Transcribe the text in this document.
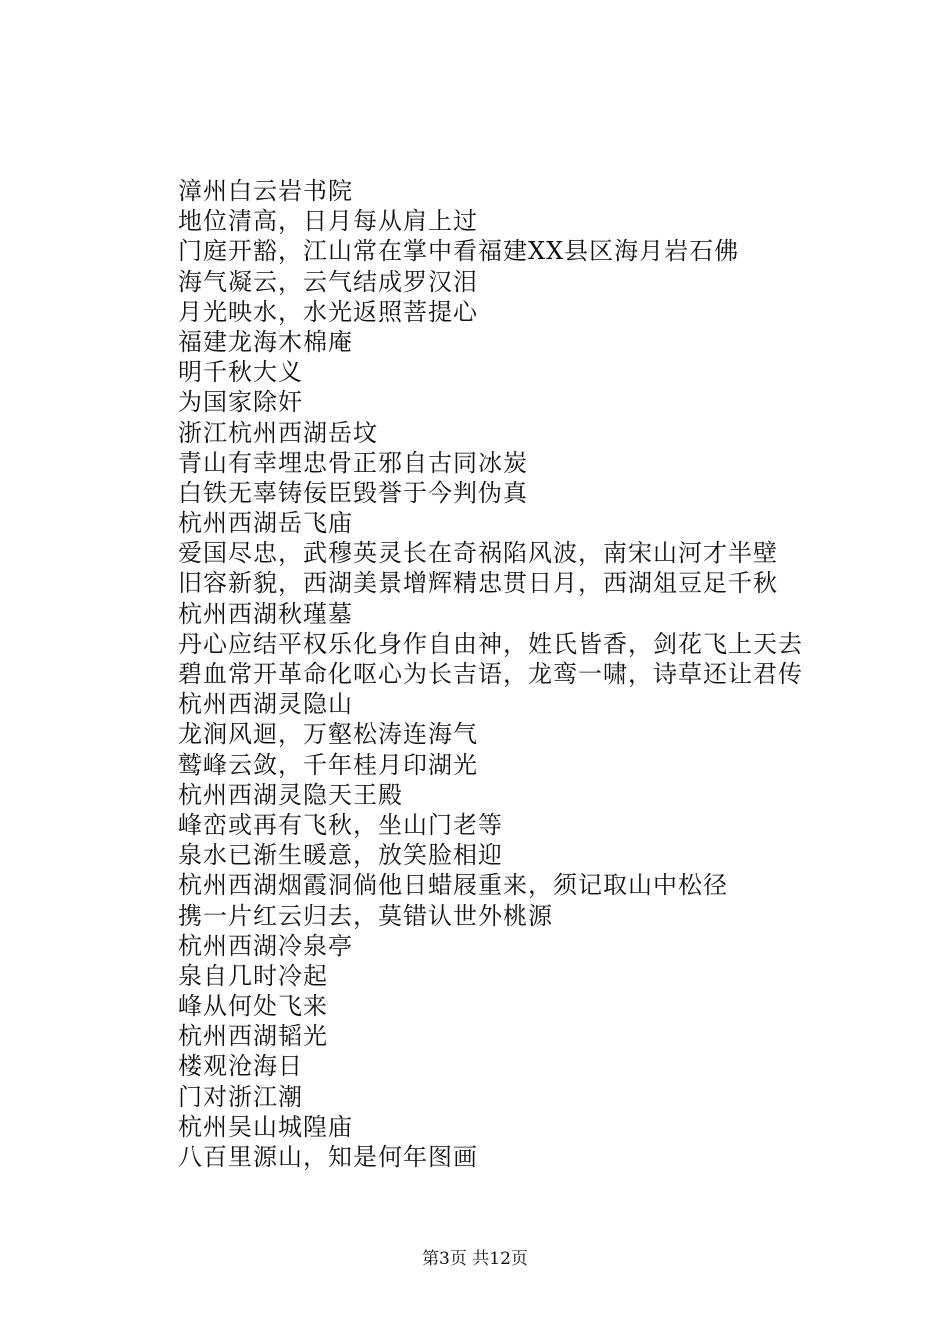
漳州白云岩书院
地位清高，日月每从肩上过
门庭开豁，江山常在掌中看福建XX县区海月岩石佛
海气凝云，云气结成罗汉泪
月光映水，水光返照菩提心
福建龙海木棉庵
明千秋大义
为国家除奸
浙江杭州西湖岳坟
青山有幸埋忠骨正邪自古同冰炭
白铁无辜铸佞臣毁誉于今判伪真
杭州西湖岳飞庙
爱国尽忠，武穆英灵长在奇祸陷风波，南宋山河才半壁
旧容新貌，西湖美景增辉精忠贯日月，西湖俎豆足千秋
杭州西湖秋瑾墓
丹心应结平权乐化身作自由神，姓氏皆香，剑花飞上天去
碧血常开革命化呕心为长吉语，龙鸾一啸，诗草还让君传
杭州西湖灵隐山
龙涧风迴，万壑松涛连海气
鹫峰云敛，千年桂月印湖光
杭州西湖灵隐天王殿
峰峦或再有飞秋，坐山门老等
泉水已渐生暖意，放笑脸相迎
杭州西湖烟霞洞倘他日蜡屐重来，须记取山中松径
携一片红云归去，莫错认世外桃源
杭州西湖冷泉亭
泉自几时冷起
峰从何处飞来
杭州西湖韬光
楼观沧海日
门对浙江潮
杭州吴山城隍庙
八百里源山，知是何年图画
第3页 共12页
